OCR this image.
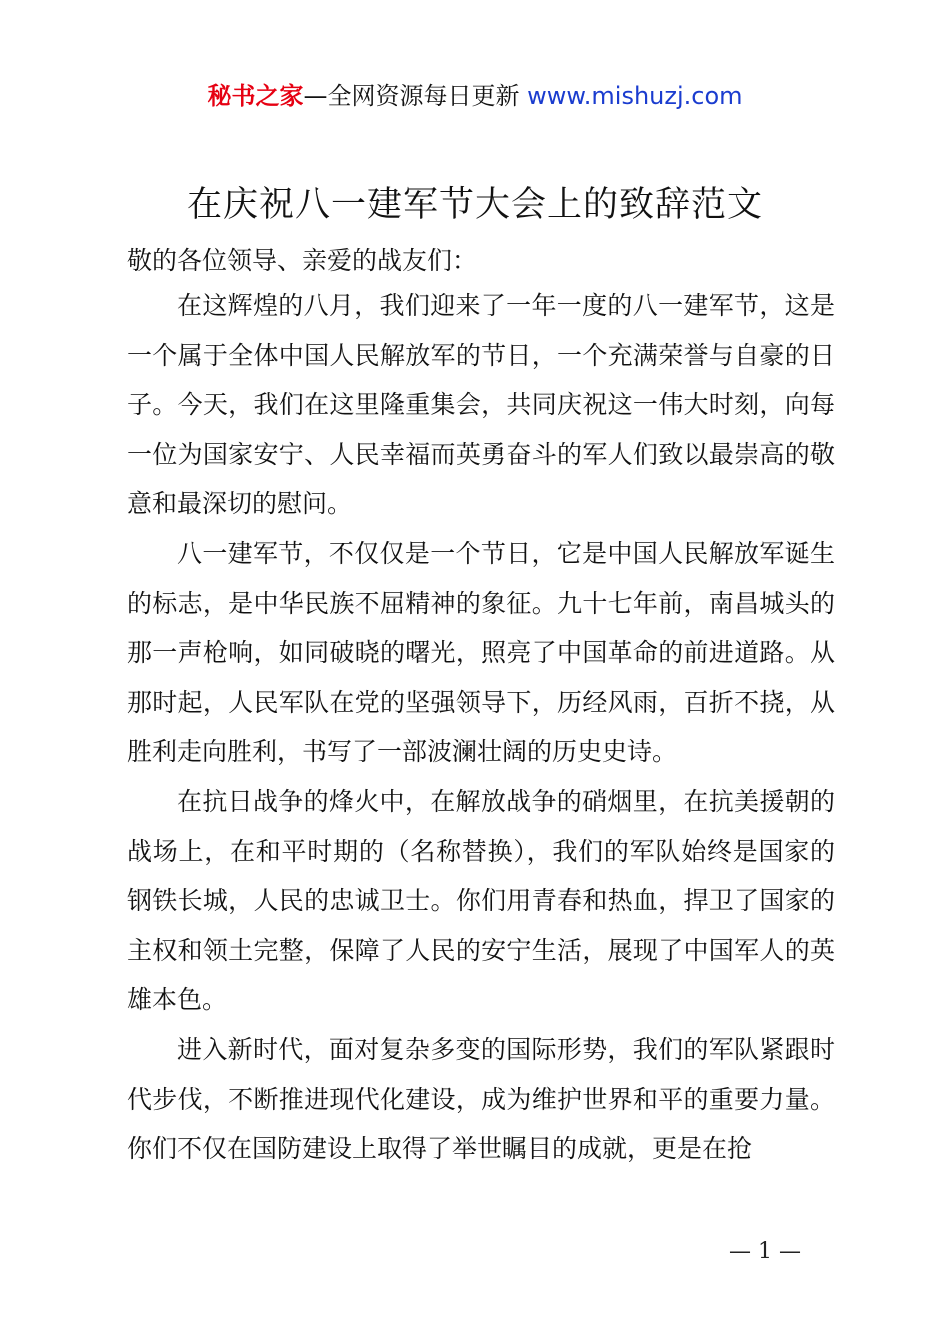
秘书之家—全网资源每日更新 www.mishuzj.com
在庆祝八一建军节大会上的致辞范文
敬的各位领导、亲爱的战友们：

在这辉煌的八月，我们迎来了一年一度的八一建军节，这是一个属于全体中国人民解放军的节日，一个充满荣誉与自豪的日子。今天，我们在这里隆重集会，共同庆祝这一伟大时刻，向每一位为国家安宁、人民幸福而英勇奋斗的军人们致以最崇高的敬意和最深切的慰问。

八一建军节，不仅仅是一个节日，它是中国人民解放军诞生的标志，是中华民族不屈精神的象征。九十七年前，南昌城头的那一声枪响，如同破晓的曙光，照亮了中国革命的前进道路。从那时起，人民军队在党的坚强领导下，历经风雨，百折不挠，从胜利走向胜利，书写了一部波澜壮阔的历史史诗。

在抗日战争的烽火中，在解放战争的硝烟里，在抗美援朝的战场上，在和平时期的（名称替换），我们的军队始终是国家的钢铁长城，人民的忠诚卫士。你们用青春和热血，捍卫了国家的主权和领土完整，保障了人民的安宁生活，展现了中国军人的英雄本色。

进入新时代，面对复杂多变的国际形势，我们的军队紧跟时代步伐，不断推进现代化建设，成为维护世界和平的重要力量。你们不仅在国防建设上取得了举世瞩目的成就，更是在抢

— 1 —
